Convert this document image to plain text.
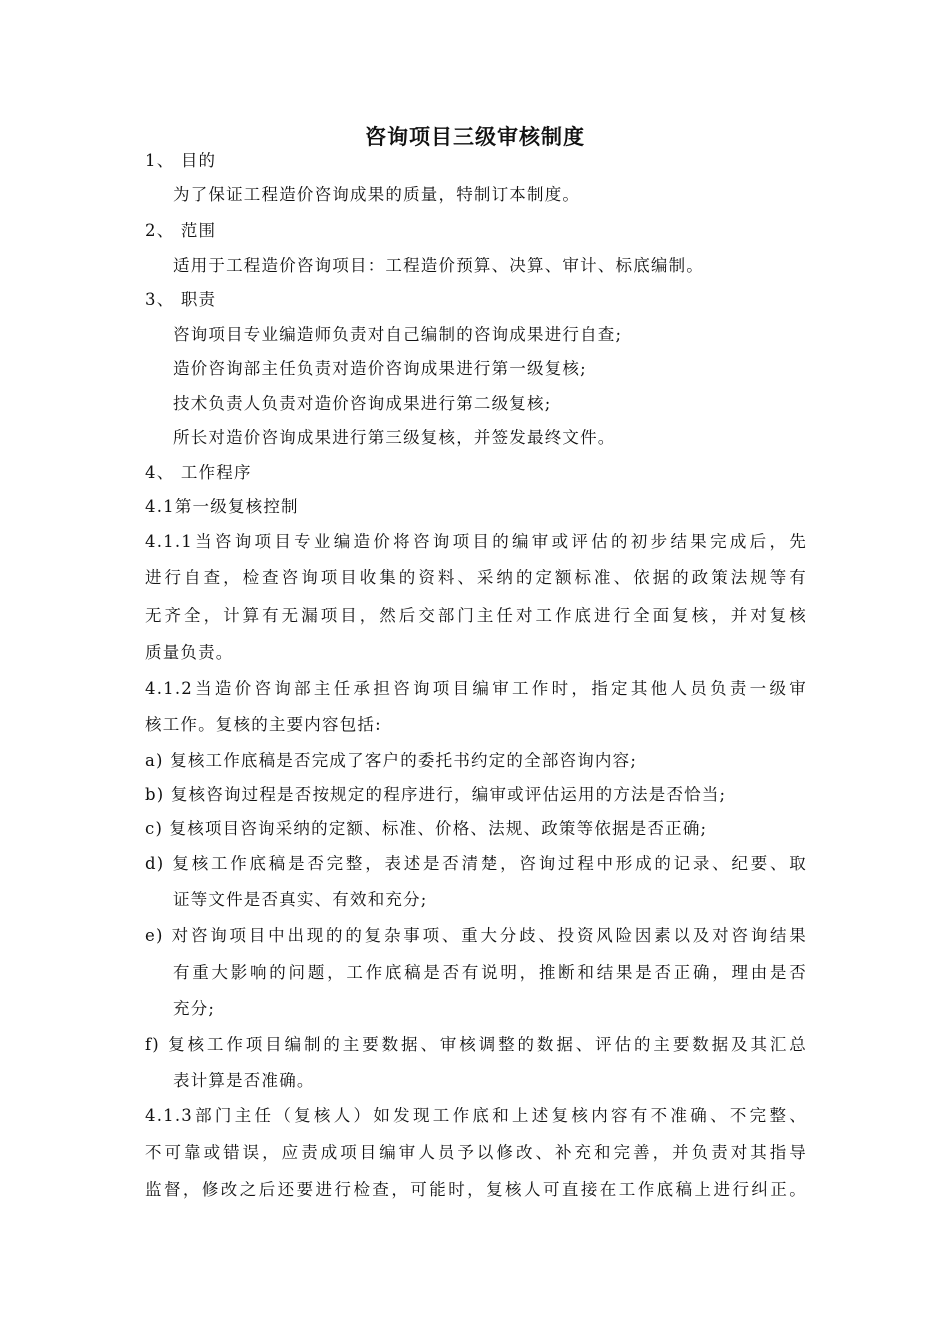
咨询项目三级审核制度
1、 目的
为了保证工程造价咨询成果的质量，特制订本制度。
2、 范围
适用于工程造价咨询项目：工程造价预算、决算、审计、标底编制。
3、 职责
咨询项目专业编造师负责对自己编制的咨询成果进行自查;
造价咨询部主任负责对造价咨询成果进行第一级复核;
技术负责人负责对造价咨询成果进行第二级复核;
所长对造价咨询成果进行第三级复核，并签发最终文件。
4、 工作程序
4.1第一级复核控制
4.1.1当咨询项目专业编造价将咨询项目的编审或评估的初步结果完成后，先
进行自查，检查咨询项目收集的资料、采纳的定额标准、依据的政策法规等有
无齐全，计算有无漏项目，然后交部门主任对工作底进行全面复核，并对复核
质量负责。
4.1.2当造价咨询部主任承担咨询项目编审工作时，指定其他人员负责一级审
核工作。复核的主要内容包括:
a) 复核工作底稿是否完成了客户的委托书约定的全部咨询内容;
b) 复核咨询过程是否按规定的程序进行，编审或评估运用的方法是否恰当;
c) 复核项目咨询采纳的定额、标准、价格、法规、政策等依据是否正确;
d) 复核工作底稿是否完整，表述是否清楚，咨询过程中形成的记录、纪要、取
证等文件是否真实、有效和充分;
e) 对咨询项目中出现的的复杂事项、重大分歧、投资风险因素以及对咨询结果
有重大影响的问题，工作底稿是否有说明，推断和结果是否正确，理由是否
充分;
f) 复核工作项目编制的主要数据、审核调整的数据、评估的主要数据及其汇总
表计算是否准确。
4.1.3部门主任（复核人）如发现工作底和上述复核内容有不准确、不完整、
不可靠或错误，应责成项目编审人员予以修改、补充和完善，并负责对其指导
监督，修改之后还要进行检查，可能时，复核人可直接在工作底稿上进行纠正。
